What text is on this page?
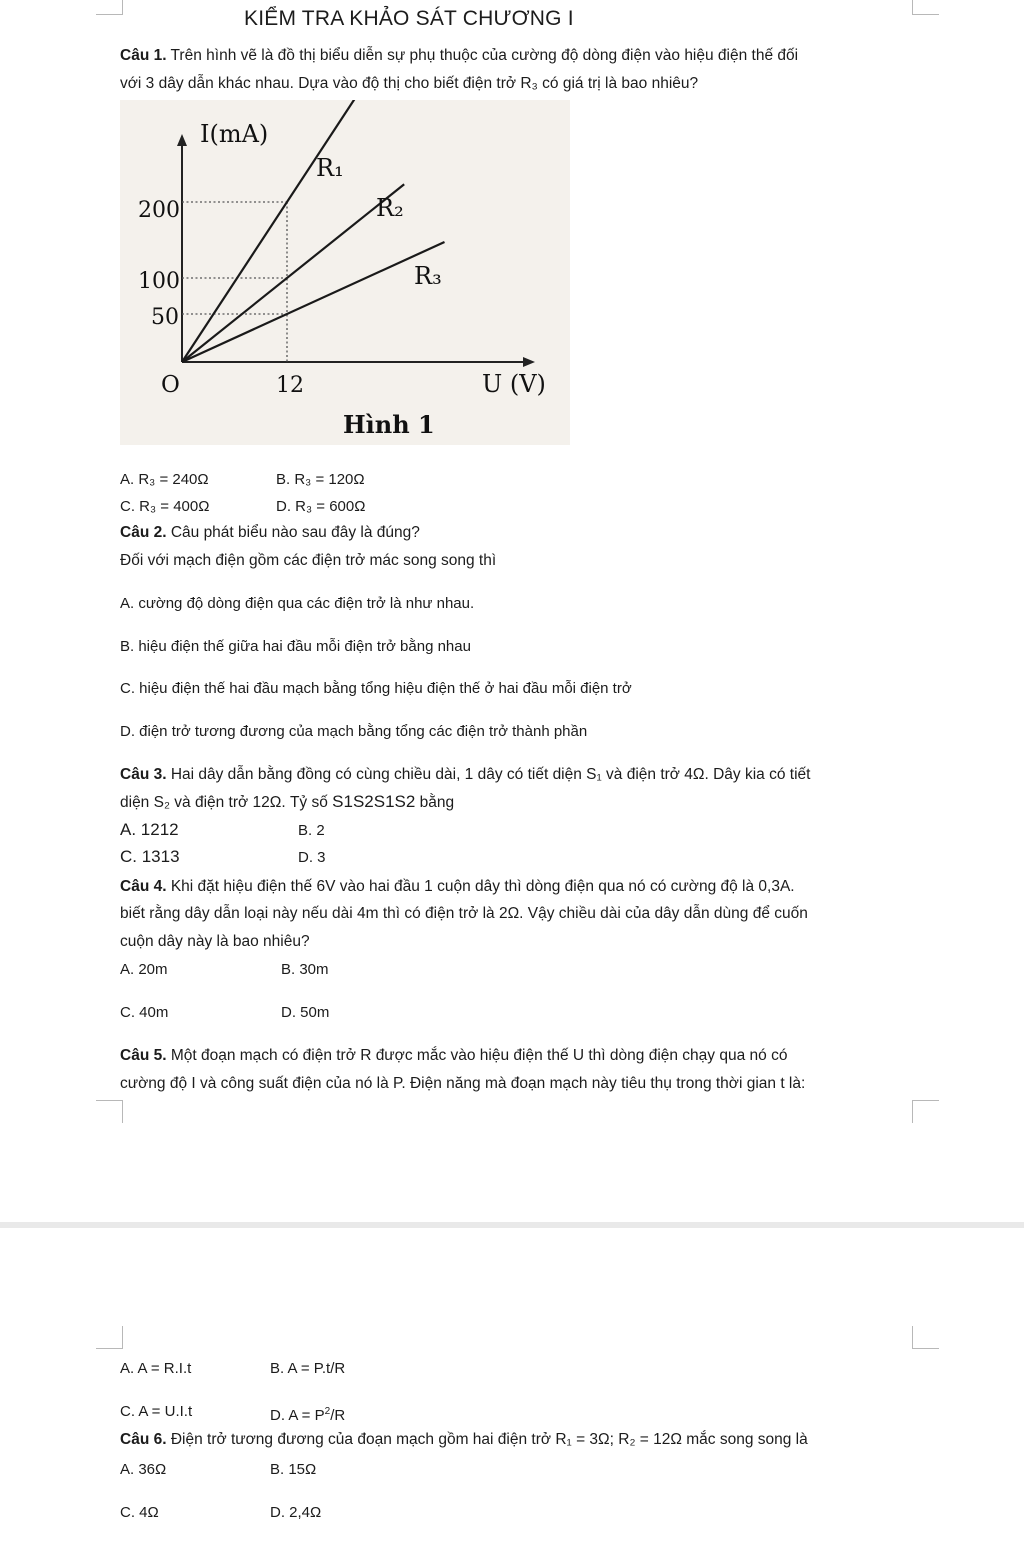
KIỂM TRA KHẢO SÁT CHƯƠNG I
Câu 1. Trên hình vẽ là đồ thị biểu diễn sự phụ thuộc của cường độ dòng điện vào hiệu điện thế đối
với 3 dây dẫn khác nhau. Dựa vào độ thị cho biết điện trở R₃ có giá trị là bao nhiêu?
I(mA)
U (V)
O
200
100
50
12
R₁
R₂
R₃
Hình 1
A. R₃ = 240Ω	B. R₃ = 120Ω
C. R₃ = 400Ω	D. R₃ = 600Ω
Câu 2. Câu phát biểu nào sau đây là đúng?
Đối với mạch điện gồm các điện trở mác song song thì
A. cường độ dòng điện qua các điện trở là như nhau.
B. hiệu điện thế giữa hai đầu mỗi điện trở bằng nhau
C. hiệu điện thế hai đầu mạch bằng tổng hiệu điện thế ở hai đầu mỗi điện trở
D. điện trở tương đương của mạch bằng tổng các điện trở thành phần
Câu 3. Hai dây dẫn bằng đồng có cùng chiều dài, 1 dây có tiết diện S₁ và điện trở 4Ω. Dây kia có tiết
diện S₂ và điện trở 12Ω. Tỷ số S1S2S1S2 bằng
A. 1212	B. 2
C. 1313	D. 3
Câu 4. Khi đặt hiệu điện thế 6V vào hai đầu 1 cuộn dây thì dòng điện qua nó có cường độ là 0,3A.
biết rằng dây dẫn loại này nếu dài 4m thì có điện trở là 2Ω. Vậy chiều dài của dây dẫn dùng để cuốn
cuộn dây này là bao nhiêu?
A. 20m	B. 30m
C. 40m	D. 50m
Câu 5. Một đoạn mạch có điện trở R được mắc vào hiệu điện thế U thì dòng điện chạy qua nó có
cường độ I và công suất điện của nó là P. Điện năng mà đoạn mạch này tiêu thụ trong thời gian t là:
A. A = R.I.t	B. A = P.t/R
C. A = U.I.t	D. $A = P^2/R$
Câu 6. Điện trở tương đương của đoạn mạch gồm hai điện trở R₁ = 3Ω; R₂ = 12Ω mắc song song là
A. 36Ω	B. 15Ω
C. 4Ω	D. 2,4Ω
